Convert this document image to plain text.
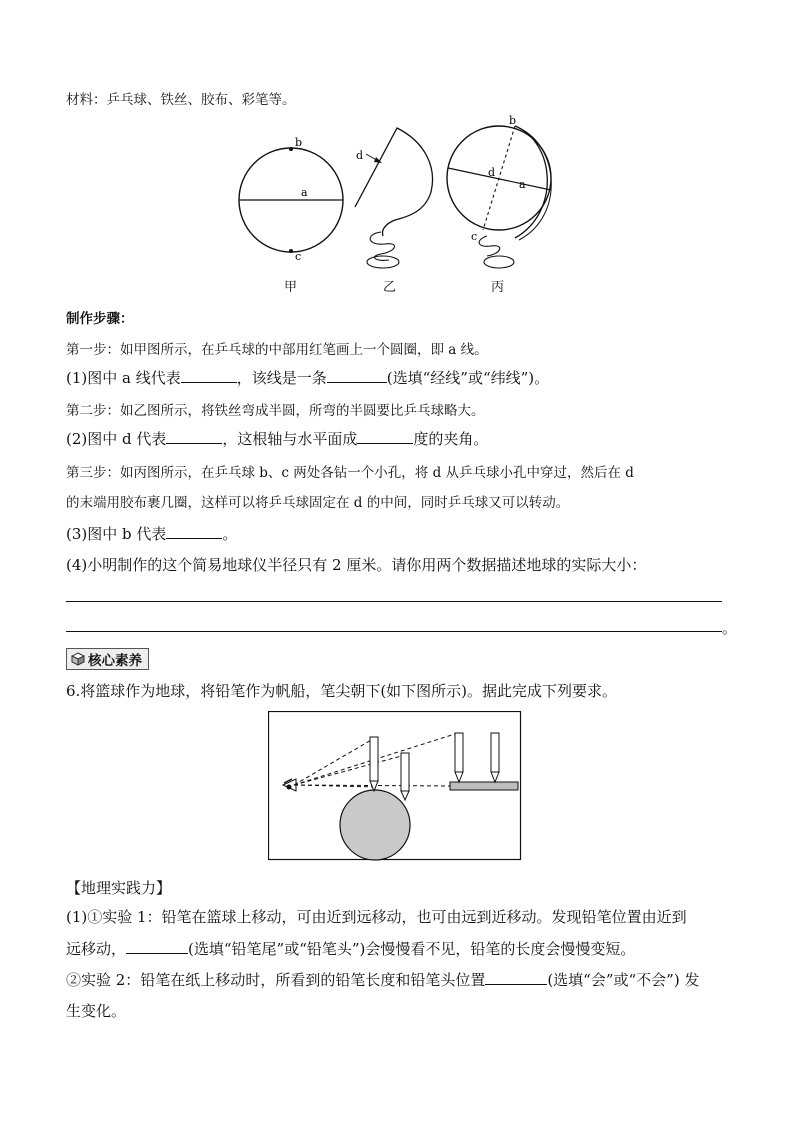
材料：乒乓球、铁丝、胶布、彩笔等。
b
a
c
d
b
d
a
c
甲	乙	丙
制作步骤：
第一步：如甲图所示，在乒乓球的中部用红笔画上一个圆圈，即 a 线。
(1)图中 a 线代表	，该线是一条	(选填“经线”或“纬线”)。
第二步：如乙图所示，将铁丝弯成半圆，所弯的半圆要比乒乓球略大。
(2)图中 d 代表	，这根轴与水平面成	度的夹角。
第三步：如丙图所示，在乒乓球 b、c 两处各钻一个小孔，将 d 从乒乓球小孔中穿过，然后在 d
的末端用胶布裹几圈，这样可以将乒乓球固定在 d 的中间，同时乒乓球又可以转动。
(3)图中 b 代表	。
(4)小明制作的这个简易地球仪半径只有 2 厘米。请你用两个数据描述地球的实际大小：
。
核心素养
6.将篮球作为地球，将铅笔作为帆船，笔尖朝下(如下图所示)。据此完成下列要求。
【地理实践力】
(1)①实验 1：铅笔在篮球上移动，可由近到远移动，也可由远到近移动。发现铅笔位置由近到
远移动，	(选填“铅笔尾”或“铅笔头”)会慢慢看不见，铅笔的长度会慢慢变短。
②实验 2：铅笔在纸上移动时，所看到的铅笔长度和铅笔头位置	(选填“会”或“不会”) 发
生变化。
